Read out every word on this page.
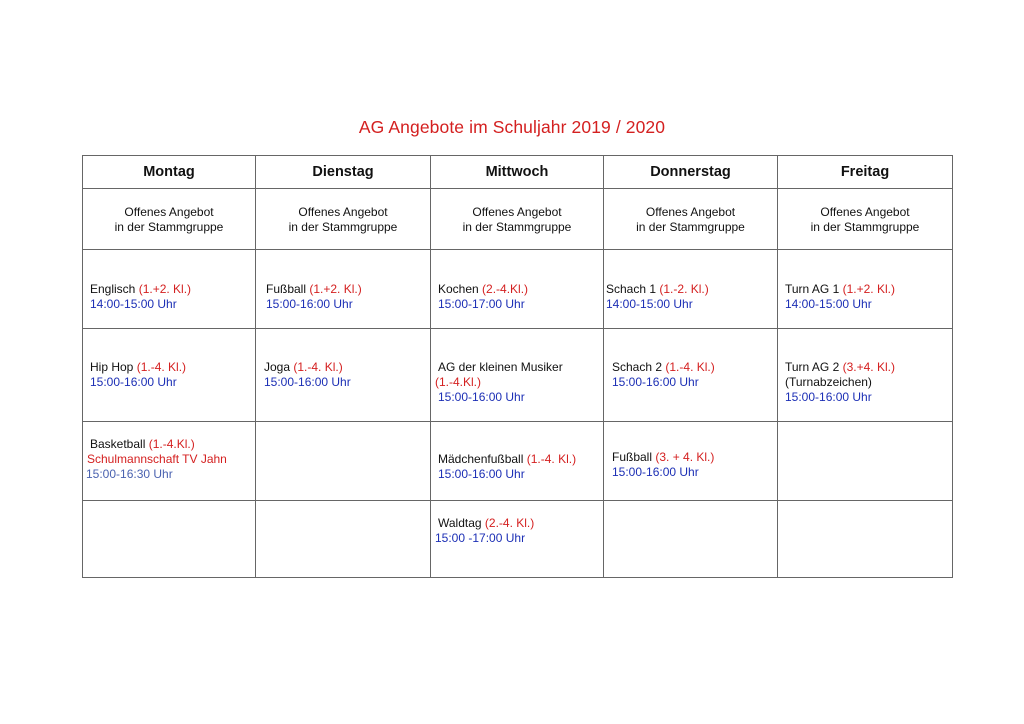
AG Angebote im Schuljahr 2019 / 2020
Montag	Dienstag	Mittwoch	Donnerstag	Freitag

Offenes Angebot
in der Stammgruppe	Offenes Angebot
in der Stammgruppe	Offenes Angebot
in der Stammgruppe	Offenes Angebot
in der Stammgruppe	Offenes Angebot
in der Stammgruppe

Englisch (1.+2. Kl.)
14:00-15:00 Uhr	Fußball (1.+2. Kl.)
15:00-16:00 Uhr	Kochen (2.-4.Kl.)
15:00-17:00 Uhr	Schach 1 (1.-2. Kl.)
14:00-15:00 Uhr	Turn AG 1 (1.+2. Kl.)
14:00-15:00 Uhr

Hip Hop (1.-4. Kl.)
15:00-16:00 Uhr	Joga (1.-4. Kl.)
15:00-16:00 Uhr	AG der kleinen Musiker
(1.-4.Kl.)
15:00-16:00 Uhr	Schach 2 (1.-4. Kl.)
15:00-16:00 Uhr	Turn AG 2 (3.+4. Kl.)
(Turnabzeichen)
15:00-16:00 Uhr

Basketball (1.-4.Kl.)
Schulmannschaft TV Jahn
15:00-16:30 Uhr		Mädchenfußball (1.-4. Kl.)
15:00-16:00 Uhr	Fußball (3. + 4. Kl.)
15:00-16:00 Uhr	

		Waldtag (2.-4. Kl.)
15:00 -17:00 Uhr		
